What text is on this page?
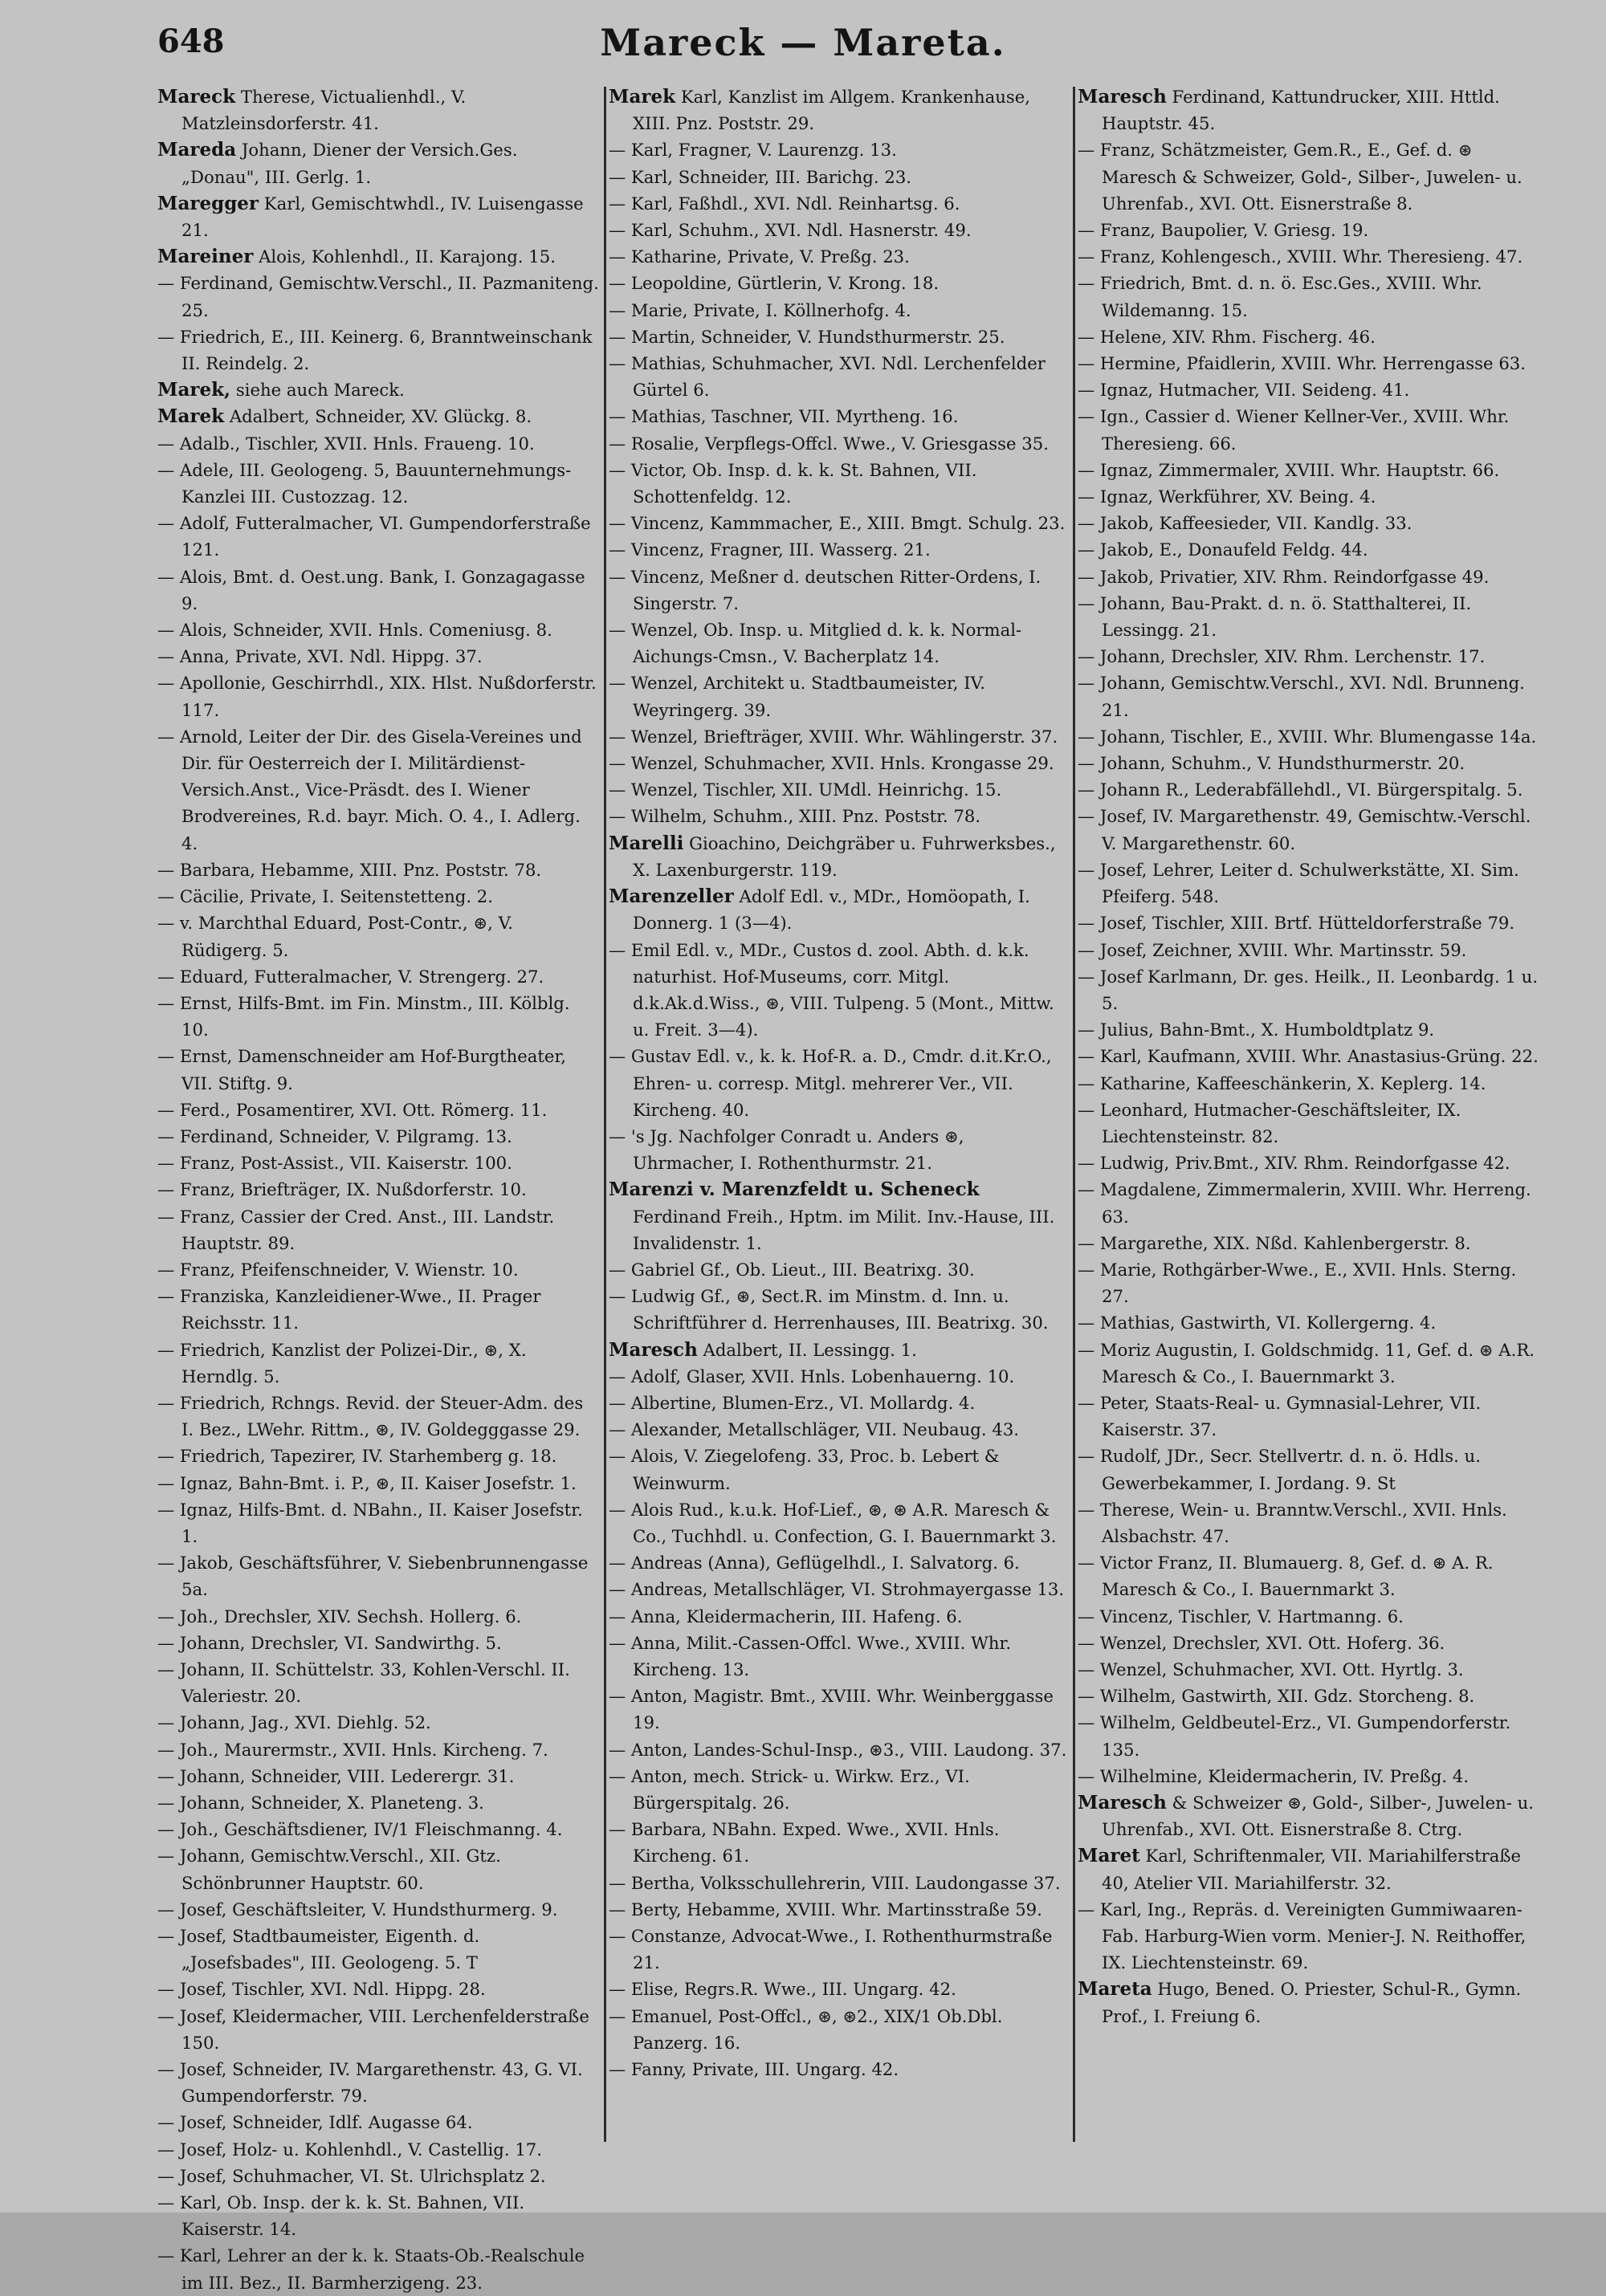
648	Mareck — Mareta.
Mareck Therese, Victualienhdl., V. Matzleinsdorferstr. 41.
Mareda Johann, Diener der Versich.Ges. „Donau", III. Gerlg. 1.
Maregger Karl, Gemischtwhdl., IV. Luisengasse 21.
Mareiner Alois, Kohlenhdl., II. Karajong. 15.
— Ferdinand, Gemischtw.Verschl., II. Pazmaniteng. 25.
— Friedrich, E., III. Keinerg. 6, Branntweinschank II. Reindelg. 2.
Marek, siehe auch Mareck.
Marek Adalbert, Schneider, XV. Glückg. 8.
— Adalb., Tischler, XVII. Hnls. Fraueng. 10.
— Adele, III. Geologeng. 5, Bauunternehmungs-Kanzlei III. Custozzag. 12.
— Adolf, Futteralmacher, VI. Gumpendorferstraße 121.
— Alois, Bmt. d. Oest.ung. Bank, I. Gonzagagasse 9.
— Alois, Schneider, XVII. Hnls. Comeniusg. 8.
— Anna, Private, XVI. Ndl. Hippg. 37.
— Apollonie, Geschirrhdl., XIX. Hlst. Nußdorferstr. 117.
— Arnold, Leiter der Dir. des Gisela-Vereines und Dir. für Oesterreich der I. Militärdienst-Versich.Anst., Vice-Präsdt. des I. Wiener Brodvereines, R.d. bayr. Mich. O. 4., I. Adlerg. 4.
— Barbara, Hebamme, XIII. Pnz. Poststr. 78.
— Cäcilie, Private, I. Seitenstetteng. 2.
— v. Marchthal Eduard, Post-Contr., ⊛, V. Rüdigerg. 5.
— Eduard, Futteralmacher, V. Strengerg. 27.
— Ernst, Hilfs-Bmt. im Fin. Minstm., III. Kölblg. 10.
— Ernst, Damenschneider am Hof-Burgtheater, VII. Stiftg. 9.
— Ferd., Posamentirer, XVI. Ott. Römerg. 11.
— Ferdinand, Schneider, V. Pilgramg. 13.
— Franz, Post-Assist., VII. Kaiserstr. 100.
— Franz, Briefträger, IX. Nußdorferstr. 10.
— Franz, Cassier der Cred. Anst., III. Landstr. Hauptstr. 89.
— Franz, Pfeifenschneider, V. Wienstr. 10.
— Franziska, Kanzleidiener-Wwe., II. Prager Reichsstr. 11.
— Friedrich, Kanzlist der Polizei-Dir., ⊛, X. Herndlg. 5.
— Friedrich, Rchngs. Revid. der Steuer-Adm. des I. Bez., LWehr. Rittm., ⊛, IV. Goldegggasse 29.
— Friedrich, Tapezirer, IV. Starhemberg g. 18.
— Ignaz, Bahn-Bmt. i. P., ⊛, II. Kaiser Josefstr. 1.
— Ignaz, Hilfs-Bmt. d. NBahn., II. Kaiser Josefstr. 1.
— Jakob, Geschäftsführer, V. Siebenbrunnengasse 5a.
— Joh., Drechsler, XIV. Sechsh. Hollerg. 6.
— Johann, Drechsler, VI. Sandwirthg. 5.
— Johann, II. Schüttelstr. 33, Kohlen-Verschl. II. Valeriestr. 20.
— Johann, Jag., XVI. Diehlg. 52.
— Joh., Maurermstr., XVII. Hnls. Kircheng. 7.
— Johann, Schneider, VIII. Lederergr. 31.
— Johann, Schneider, X. Planeteng. 3.
— Joh., Geschäftsdiener, IV/1 Fleischmanng. 4.
— Johann, Gemischtw.Verschl., XII. Gtz. Schönbrunner Hauptstr. 60.
— Josef, Geschäftsleiter, V. Hundsthurmerg. 9.
— Josef, Stadtbaumeister, Eigenth. d. „Josefsbades", III. Geologeng. 5. T
— Josef, Tischler, XVI. Ndl. Hippg. 28.
— Josef, Kleidermacher, VIII. Lerchenfelderstraße 150.
— Josef, Schneider, IV. Margarethenstr. 43, G. VI. Gumpendorferstr. 79.
— Josef, Schneider, Idlf. Augasse 64.
— Josef, Holz- u. Kohlenhdl., V. Castellig. 17.
— Josef, Schuhmacher, VI. St. Ulrichsplatz 2.
— Karl, Ob. Insp. der k. k. St. Bahnen, VII. Kaiserstr. 14.
— Karl, Lehrer an der k. k. Staats-Ob.-Realschule im III. Bez., II. Barmherzigeng. 23.
Marek Karl, Kanzlist im Allgem. Krankenhause, XIII. Pnz. Poststr. 29.
— Karl, Fragner, V. Laurenzg. 13.
— Karl, Schneider, III. Barichg. 23.
— Karl, Faßhdl., XVI. Ndl. Reinhartsg. 6.
— Karl, Schuhm., XVI. Ndl. Hasnerstr. 49.
— Katharine, Private, V. Preßg. 23.
— Leopoldine, Gürtlerin, V. Krong. 18.
— Marie, Private, I. Köllnerhofg. 4.
— Martin, Schneider, V. Hundsthurmerstr. 25.
— Mathias, Schuhmacher, XVI. Ndl. Lerchenfelder Gürtel 6.
— Mathias, Taschner, VII. Myrtheng. 16.
— Rosalie, Verpflegs-Offcl. Wwe., V. Griesgasse 35.
— Victor, Ob. Insp. d. k. k. St. Bahnen, VII. Schottenfeldg. 12.
— Vincenz, Kammmacher, E., XIII. Bmgt. Schulg. 23.
— Vincenz, Fragner, III. Wasserg. 21.
— Vincenz, Meßner d. deutschen Ritter-Ordens, I. Singerstr. 7.
— Wenzel, Ob. Insp. u. Mitglied d. k. k. Normal-Aichungs-Cmsn., V. Bacherplatz 14.
— Wenzel, Architekt u. Stadtbaumeister, IV. Weyringerg. 39.
— Wenzel, Briefträger, XVIII. Whr. Wählingerstr. 37.
— Wenzel, Schuhmacher, XVII. Hnls. Krongasse 29.
— Wenzel, Tischler, XII. UMdl. Heinrichg. 15.
— Wilhelm, Schuhm., XIII. Pnz. Poststr. 78.
Marelli Gioachino, Deichgräber u. Fuhrwerksbes., X. Laxenburgerstr. 119.
Marenzeller Adolf Edl. v., MDr., Homöopath, I. Donnerg. 1 (3—4).
— Emil Edl. v., MDr., Custos d. zool. Abth. d. k.k. naturhist. Hof-Museums, corr. Mitgl. d.k.Ak.d.Wiss., ⊛, VIII. Tulpeng. 5 (Mont., Mittw. u. Freit. 3—4).
— Gustav Edl. v., k. k. Hof-R. a. D., Cmdr. d.it.Kr.O., Ehren- u. corresp. Mitgl. mehrerer Ver., VII. Kircheng. 40.
— 's Jg. Nachfolger Conradt u. Anders ⊛, Uhrmacher, I. Rothenthurmstr. 21.
Marenzi v. Marenzfeldt u. Scheneck Ferdinand Freih., Hptm. im Milit. Inv.-Hause, III. Invalidenstr. 1.
— Gabriel Gf., Ob. Lieut., III. Beatrixg. 30.
— Ludwig Gf., ⊛, Sect.R. im Minstm. d. Inn. u. Schriftführer d. Herrenhauses, III. Beatrixg. 30.
Maresch Adalbert, II. Lessingg. 1.
— Adolf, Glaser, XVII. Hnls. Lobenhauerng. 10.
— Albertine, Blumen-Erz., VI. Mollardg. 4.
— Alexander, Metallschläger, VII. Neubaug. 43.
— Alois, V. Ziegelofeng. 33, Proc. b. Lebert & Weinwurm.
— Alois Rud., k.u.k. Hof-Lief., ⊛, ⊛ A.R. Maresch & Co., Tuchhdl. u. Confection, G. I. Bauernmarkt 3.
— Andreas (Anna), Geflügelhdl., I. Salvatorg. 6.
— Andreas, Metallschläger, VI. Strohmayergasse 13.
— Anna, Kleidermacherin, III. Hafeng. 6.
— Anna, Milit.-Cassen-Offcl. Wwe., XVIII. Whr. Kircheng. 13.
— Anton, Magistr. Bmt., XVIII. Whr. Weinberggasse 19.
— Anton, Landes-Schul-Insp., ⊛3., VIII. Laudong. 37.
— Anton, mech. Strick- u. Wirkw. Erz., VI. Bürgerspitalg. 26.
— Barbara, NBahn. Exped. Wwe., XVII. Hnls. Kircheng. 61.
— Bertha, Volksschullehrerin, VIII. Laudongasse 37.
— Berty, Hebamme, XVIII. Whr. Martinsstraße 59.
— Constanze, Advocat-Wwe., I. Rothenthurmstraße 21.
— Elise, Regrs.R. Wwe., III. Ungarg. 42.
— Emanuel, Post-Offcl., ⊛, ⊛2., XIX/1 Ob.Dbl. Panzerg. 16.
— Fanny, Private, III. Ungarg. 42.
Maresch Ferdinand, Kattundrucker, XIII. Httld. Hauptstr. 45.
— Franz, Schätzmeister, Gem.R., E., Gef. d. ⊛ Maresch & Schweizer, Gold-, Silber-, Juwelen- u. Uhrenfab., XVI. Ott. Eisnerstraße 8.
— Franz, Baupolier, V. Griesg. 19.
— Franz, Kohlengesch., XVIII. Whr. Theresieng. 47.
— Friedrich, Bmt. d. n. ö. Esc.Ges., XVIII. Whr. Wildemanng. 15.
— Helene, XIV. Rhm. Fischerg. 46.
— Hermine, Pfaidlerin, XVIII. Whr. Herrengasse 63.
— Ignaz, Hutmacher, VII. Seideng. 41.
— Ign., Cassier d. Wiener Kellner-Ver., XVIII. Whr. Theresieng. 66.
— Ignaz, Zimmermaler, XVIII. Whr. Hauptstr. 66.
— Ignaz, Werkführer, XV. Being. 4.
— Jakob, Kaffeesieder, VII. Kandlg. 33.
— Jakob, E., Donaufeld Feldg. 44.
— Jakob, Privatier, XIV. Rhm. Reindorfgasse 49.
— Johann, Bau-Prakt. d. n. ö. Statthalterei, II. Lessingg. 21.
— Johann, Drechsler, XIV. Rhm. Lerchenstr. 17.
— Johann, Gemischtw.Verschl., XVI. Ndl. Brunneng. 21.
— Johann, Tischler, E., XVIII. Whr. Blumengasse 14a.
— Johann, Schuhm., V. Hundsthurmerstr. 20.
— Johann R., Lederabfällehdl., VI. Bürgerspitalg. 5.
— Josef, IV. Margarethenstr. 49, Gemischtw.-Verschl. V. Margarethenstr. 60.
— Josef, Lehrer, Leiter d. Schulwerkstätte, XI. Sim. Pfeiferg. 548.
— Josef, Tischler, XIII. Brtf. Hütteldorferstraße 79.
— Josef, Zeichner, XVIII. Whr. Martinsstr. 59.
— Josef Karlmann, Dr. ges. Heilk., II. Leonbardg. 1 u. 5.
— Julius, Bahn-Bmt., X. Humboldtplatz 9.
— Karl, Kaufmann, XVIII. Whr. Anastasius-Grüng. 22.
— Katharine, Kaffeeschänkerin, X. Keplerg. 14.
— Leonhard, Hutmacher-Geschäftsleiter, IX. Liechtensteinstr. 82.
— Ludwig, Priv.Bmt., XIV. Rhm. Reindorfgasse 42.
— Magdalene, Zimmermalerin, XVIII. Whr. Herreng. 63.
— Margarethe, XIX. Nßd. Kahlenbergerstr. 8.
— Marie, Rothgärber-Wwe., E., XVII. Hnls. Sterng. 27.
— Mathias, Gastwirth, VI. Kollergerng. 4.
— Moriz Augustin, I. Goldschmidg. 11, Gef. d. ⊛ A.R. Maresch & Co., I. Bauernmarkt 3.
— Peter, Staats-Real- u. Gymnasial-Lehrer, VII. Kaiserstr. 37.
— Rudolf, JDr., Secr. Stellvertr. d. n. ö. Hdls. u. Gewerbekammer, I. Jordang. 9. St
— Therese, Wein- u. Branntw.Verschl., XVII. Hnls. Alsbachstr. 47.
— Victor Franz, II. Blumauerg. 8, Gef. d. ⊛ A. R. Maresch & Co., I. Bauernmarkt 3.
— Vincenz, Tischler, V. Hartmanng. 6.
— Wenzel, Drechsler, XVI. Ott. Hoferg. 36.
— Wenzel, Schuhmacher, XVI. Ott. Hyrtlg. 3.
— Wilhelm, Gastwirth, XII. Gdz. Storcheng. 8.
— Wilhelm, Geldbeutel-Erz., VI. Gumpendorferstr. 135.
— Wilhelmine, Kleidermacherin, IV. Preßg. 4.
Maresch & Schweizer ⊛, Gold-, Silber-, Juwelen- u. Uhrenfab., XVI. Ott. Eisnerstraße 8. Ctrg.
Maret Karl, Schriftenmaler, VII. Mariahilferstraße 40, Atelier VII. Mariahilferstr. 32.
— Karl, Ing., Repräs. d. Vereinigten Gummiwaaren-Fab. Harburg-Wien vorm. Menier-J. N. Reithoffer, IX. Liechtensteinstr. 69.
Mareta Hugo, Bened. O. Priester, Schul-R., Gymn. Prof., I. Freiung 6.
